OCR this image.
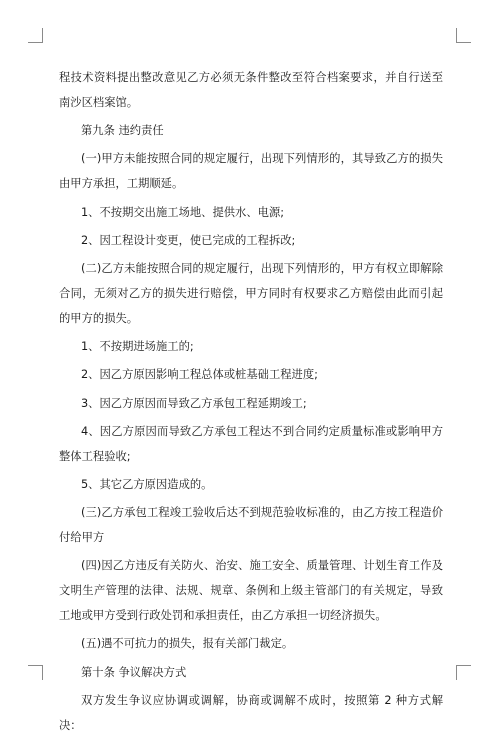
程技术资料提出整改意见乙方必须无条件整改至符合档案要求，并自行送至南沙区档案馆。

第九条 违约责任

(一)甲方未能按照合同的规定履行，出现下列情形的，其导致乙方的损失由甲方承担，工期顺延。

1、不按期交出施工场地、提供水、电源;

2、因工程设计变更，使已完成的工程拆改;

(二)乙方未能按照合同的规定履行，出现下列情形的，甲方有权立即解除合同，无须对乙方的损失进行赔偿，甲方同时有权要求乙方赔偿由此而引起的甲方的损失。

1、不按期进场施工的;

2、因乙方原因影响工程总体或桩基础工程进度;

3、因乙方原因而导致乙方承包工程延期竣工;

4、因乙方原因而导致乙方承包工程达不到合同约定质量标准或影响甲方整体工程验收;

5、其它乙方原因造成的。

(三)乙方承包工程竣工验收后达不到规范验收标准的，由乙方按工程造价付给甲方

(四)因乙方违反有关防火、治安、施工安全、质量管理、计划生育工作及文明生产管理的法律、法规、规章、条例和上级主管部门的有关规定，导致工地或甲方受到行政处罚和承担责任，由乙方承担一切经济损失。

(五)遇不可抗力的损失，报有关部门裁定。

第十条 争议解决方式

双方发生争议应协调或调解，协商或调解不成时，按照第 2 种方式解决：
